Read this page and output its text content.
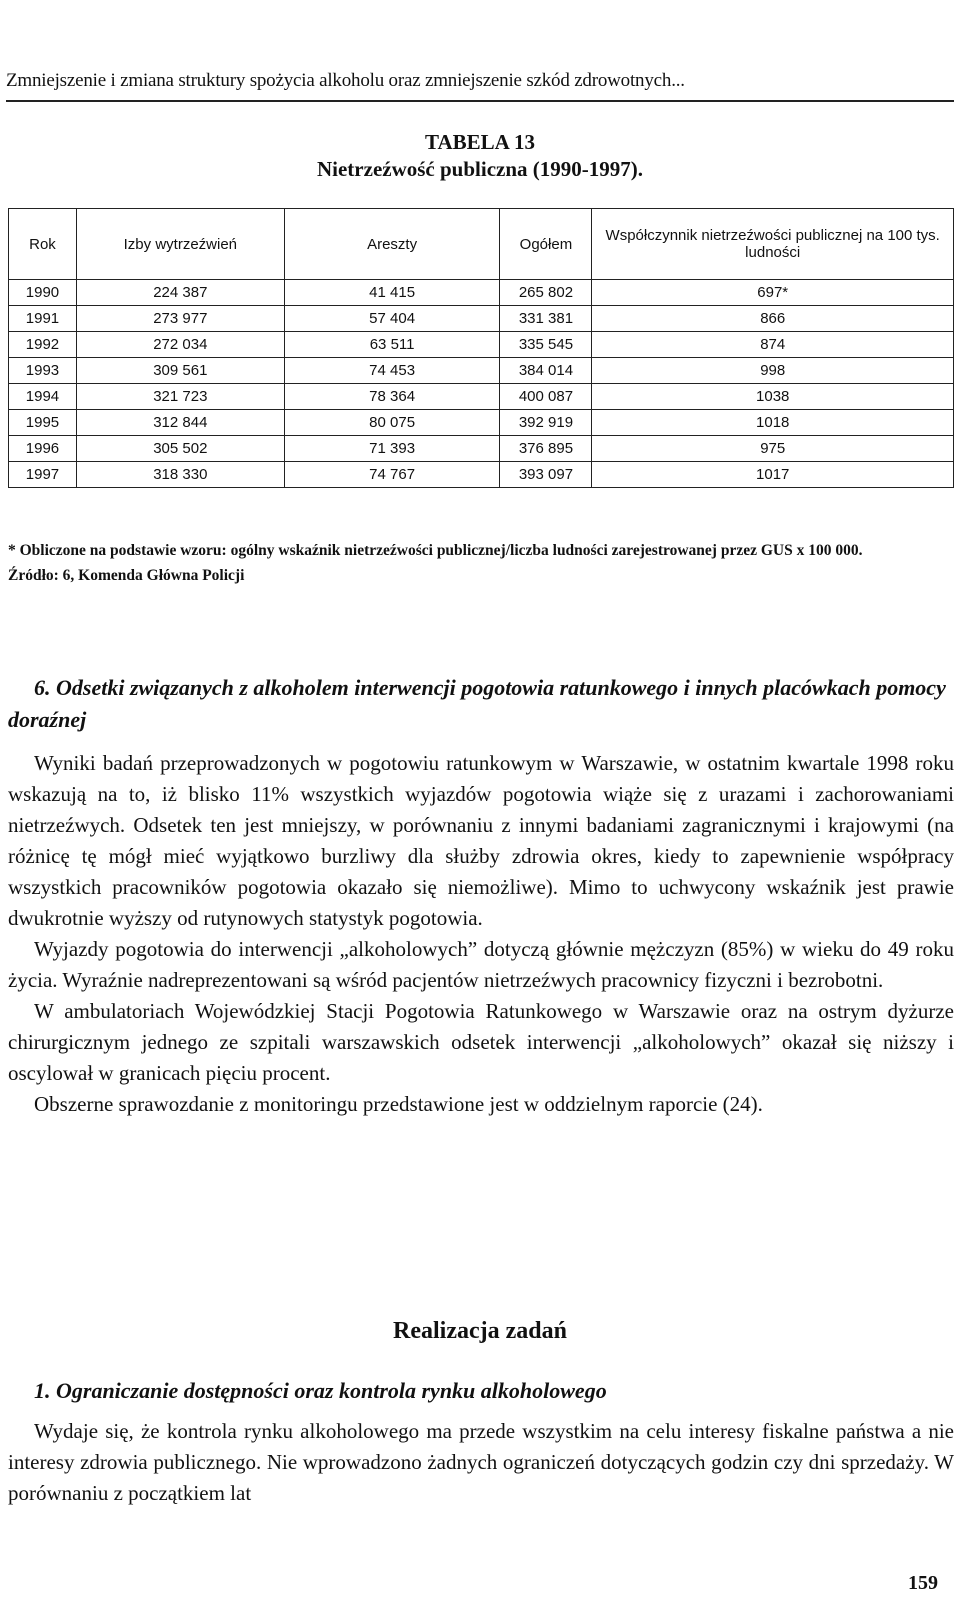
Zmniejszenie i zmiana struktury spożycia alkoholu oraz zmniejszenie szkód zdrowotnych...
TABELA 13
Nietrzeźwość publiczna (1990-1997).
Rok	Izby wytrzeźwień	Areszty	Ogółem	Współczynnik nietrzeźwości publicznej na 100 tys. ludności
1990	224 387	41 415	265 802	697*
1991	273 977	57 404	331 381	866
1992	272 034	63 511	335 545	874
1993	309 561	74 453	384 014	998
1994	321 723	78 364	400 087	1038
1995	312 844	80 075	392 919	1018
1996	305 502	71 393	376 895	975
1997	318 330	74 767	393 097	1017
* Obliczone na podstawie wzoru: ogólny wskaźnik nietrzeźwości publicznej/liczba ludności zarejestrowanej przez GUS x 100 000.
Źródło: 6, Komenda Główna Policji
6. Odsetki związanych z alkoholem interwencji pogotowia ratunkowego i innych placówkach pomocy doraźnej

Wyniki badań przeprowadzonych w pogotowiu ratunkowym w Warszawie, w ostatnim kwartale 1998 roku wskazują na to, iż blisko 11% wszystkich wyjazdów pogotowia wiąże się z urazami i zachorowaniami nietrzeźwych. Odsetek ten jest mniejszy, w porównaniu z innymi badaniami zagranicznymi i krajowymi (na różnicę tę mógł mieć wyjątkowo burzliwy dla służby zdrowia okres, kiedy to zapewnienie współpracy wszystkich pracowników pogotowia okazało się niemożliwe). Mimo to uchwycony wskaźnik jest prawie dwukrotnie wyższy od rutynowych statystyk pogotowia.

Wyjazdy pogotowia do interwencji „alkoholowych” dotyczą głównie mężczyzn (85%) w wieku do 49 roku życia. Wyraźnie nadreprezentowani są wśród pacjentów nietrzeźwych pracownicy fizyczni i bezrobotni.

W ambulatoriach Wojewódzkiej Stacji Pogotowia Ratunkowego w Warszawie oraz na ostrym dyżurze chirurgicznym jednego ze szpitali warszawskich odsetek interwencji „alkoholowych” okazał się niższy i oscylował w granicach pięciu procent.

Obszerne sprawozdanie z monitoringu przedstawione jest w oddzielnym raporcie (24).

Realizacja zadań
1. Ograniczanie dostępności oraz kontrola rynku alkoholowego

Wydaje się, że kontrola rynku alkoholowego ma przede wszystkim na celu interesy fiskalne państwa a nie interesy zdrowia publicznego. Nie wprowadzono żadnych ograniczeń dotyczących godzin czy dni sprzedaży. W porównaniu z początkiem lat

159
